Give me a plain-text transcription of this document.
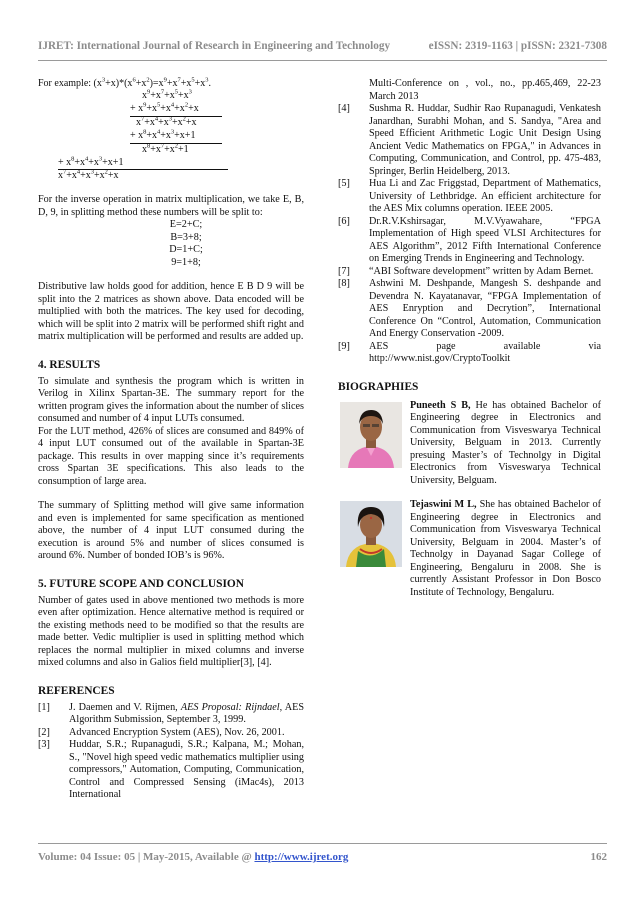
IJRET: International Journal of Research in Engineering and Technology	eISSN: 2319-1163 | pISSN: 2321-7308
For example: $(x^3+x)*(x^6+x^2)=x^9+x^7+x^5+x^3$.
$x^9+x^7+x^5+x^3$
+ $x^9+x^5+x^4+x^2+x$
$x^7+x^4+x^3+x^2+x$
+ $x^8+x^4+x^3+x+1$
$x^8+x^7+x^2+1$
+ $x^8+x^4+x^3+x+1$
$x^7+x^4+x^3+x^2+x$

For the inverse operation in matrix multiplication, we take E, B, D, 9, in splitting method these numbers will be split to:

E=2+C;
B=3+8;
D=1+C;
9=1+8;

Distributive law holds good for addition, hence E B D 9 will be split into the 2 matrices as shown above. Data encoded will be multiplied with both the matrices. The key used for decoding, which will be split into 2 matrix will be performed shift right and matrix multiplication will be performed and results are added up.

4. RESULTS

To simulate and synthesis the program which is written in Verilog in Xilinx Spartan-3E. The summary report for the written program gives the information about the number of slices consumed and number of 4 input LUTs consumed.

For the LUT method, 426% of slices are consumed and 849% of 4 input LUT consumed out of the available in Spartan-3E package. This results in over mapping since it’s requirements cross Spartan 3E specifications. This also leads to the consumption of large area.

The summary of Splitting method will give same information and even is implemented for same specification as mentioned above, the number of 4 input LUT consumed during the execution is around 5% and number of slices consumed is around 6%. Number of bonded IOB’s is 96%.

5. FUTURE SCOPE AND CONCLUSION

Number of gates used in above mentioned two methods is more even after optimization. Hence alternative method is required or the existing methods need to be modified so that the results are made better. Vedic multiplier is used in splitting method which replaces the normal multiplier in mixed columns and inverse mixed columns and also in Galios field multiplier[3], [4].

REFERENCES
[1]	J. Daemen and V. Rijmen, AES Proposal: Rijndael, AES Algorithm Submission, September 3, 1999.
[2]	Advanced Encryption System (AES), Nov. 26, 2001.
[3]	Huddar, S.R.; Rupanagudi, S.R.; Kalpana, M.; Mohan, S., "Novel high speed vedic mathematics multiplier using compressors," Automation, Computing, Communication, Control and Compressed Sensing (iMac4s), 2013 International
Multi-Conference on , vol., no., pp.465,469, 22-23 March 2013
[4]	Sushma R. Huddar, Sudhir Rao Rupanagudi, Venkatesh Janardhan, Surabhi Mohan, and S. Sandya, "Area and Speed Efficient Arithmetic Logic Unit Design Using Ancient Vedic Mathematics on FPGA," in Advances in Computing, Communication, and Control, pp. 475-483, Springer, Berlin Heidelberg, 2013.
[5]	Hua Li and Zac Friggstad, Department of Mathematics, University of Lethbridge. An efficient architecture for the AES Mix columns operation. IEEE 2005.
[6]	Dr.R.V.Kshirsagar, M.V.Vyawahare, “FPGA Implementation of High speed VLSI Architectures for AES Algorithm”, 2012 Fifth International Conference on Emerging Trends in Engineering and Technology.
[7]	“ABI Software development” written by Adam Bernet.
[8]	Ashwini M. Deshpande, Mangesh S. deshpande and Devendra N. Kayatanavar, “FPGA Implementation of AES Enryption and Decrytion”, International Conference On “Control, Automation, Communication And Energy Conservation -2009.
[9]	AES page available via http://www.nist.gov/CryptoToolkit
BIOGRAPHIES

Puneeth S B, He has obtained Bachelor of Engineering degree in Electronics and Communication from Visveswarya Technical University, Belguam in 2013. Currently presuing Master’s of Technolgy in Digital Electronics from Visveswarya Technical University, Belguam.

Tejaswini M L, She has obtained Bachelor of Engineering degree in Electronics and Communication from Visveswarya Technical University, Belguam in 2004. Master’s of Technolgy in Dayanad Sagar College of Engineering, Bengaluru in 2008. She is currently Assistant Professor in Don Bosco Institute of Technology, Bengaluru.

Volume: 04 Issue: 05 | May-2015, Available @ http://www.ijret.org	162
